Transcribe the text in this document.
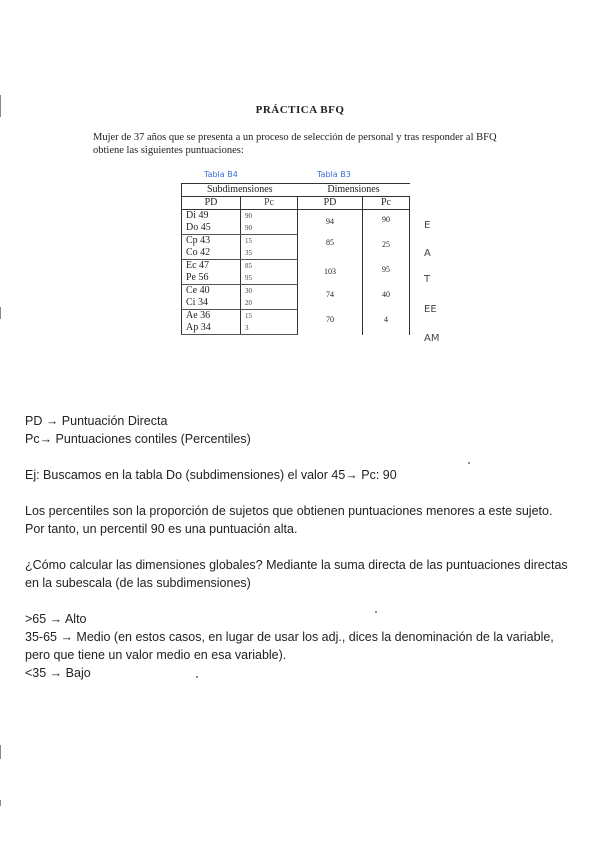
PRÁCTICA BFQ
Mujer de 37 años que se presenta a un proceso de selección de personal y tras responder al BFQ obtiene las siguientes puntuaciones:
Tabla B4	Tabla B3
Subdimensiones		Dimensiones	
PD	Pc	PD	Pc
Di 49	90	94	90
Do 45	90		
Cp 43	15	85	25
Co 42	35		
Ec 47	85	103	95
Pe 56	95		
Ce 40	30	74	40
Ci 34	20		
Ae 36	15	70	4
Ap 34	3		
E
A
T
EE
AM

PD → Puntuación Directa

Pc→ Puntuaciones contiles (Percentiles)

Ej: Buscamos en la tabla Do (subdimensiones) el valor 45→ Pc: 90

Los percentiles son la proporción de sujetos que obtienen puntuaciones menores a este sujeto. Por tanto, un percentil 90 es una puntuación alta.

¿Cómo calcular las dimensiones globales? Mediante la suma directa de las puntuaciones directas en la subescala (de las subdimensiones)

>65 → Alto

35-65 → Medio (en estos casos, en lugar de usar los adj., dices la denominación de la variable, pero que tiene un valor medio en esa variable).

<35 → Bajo
